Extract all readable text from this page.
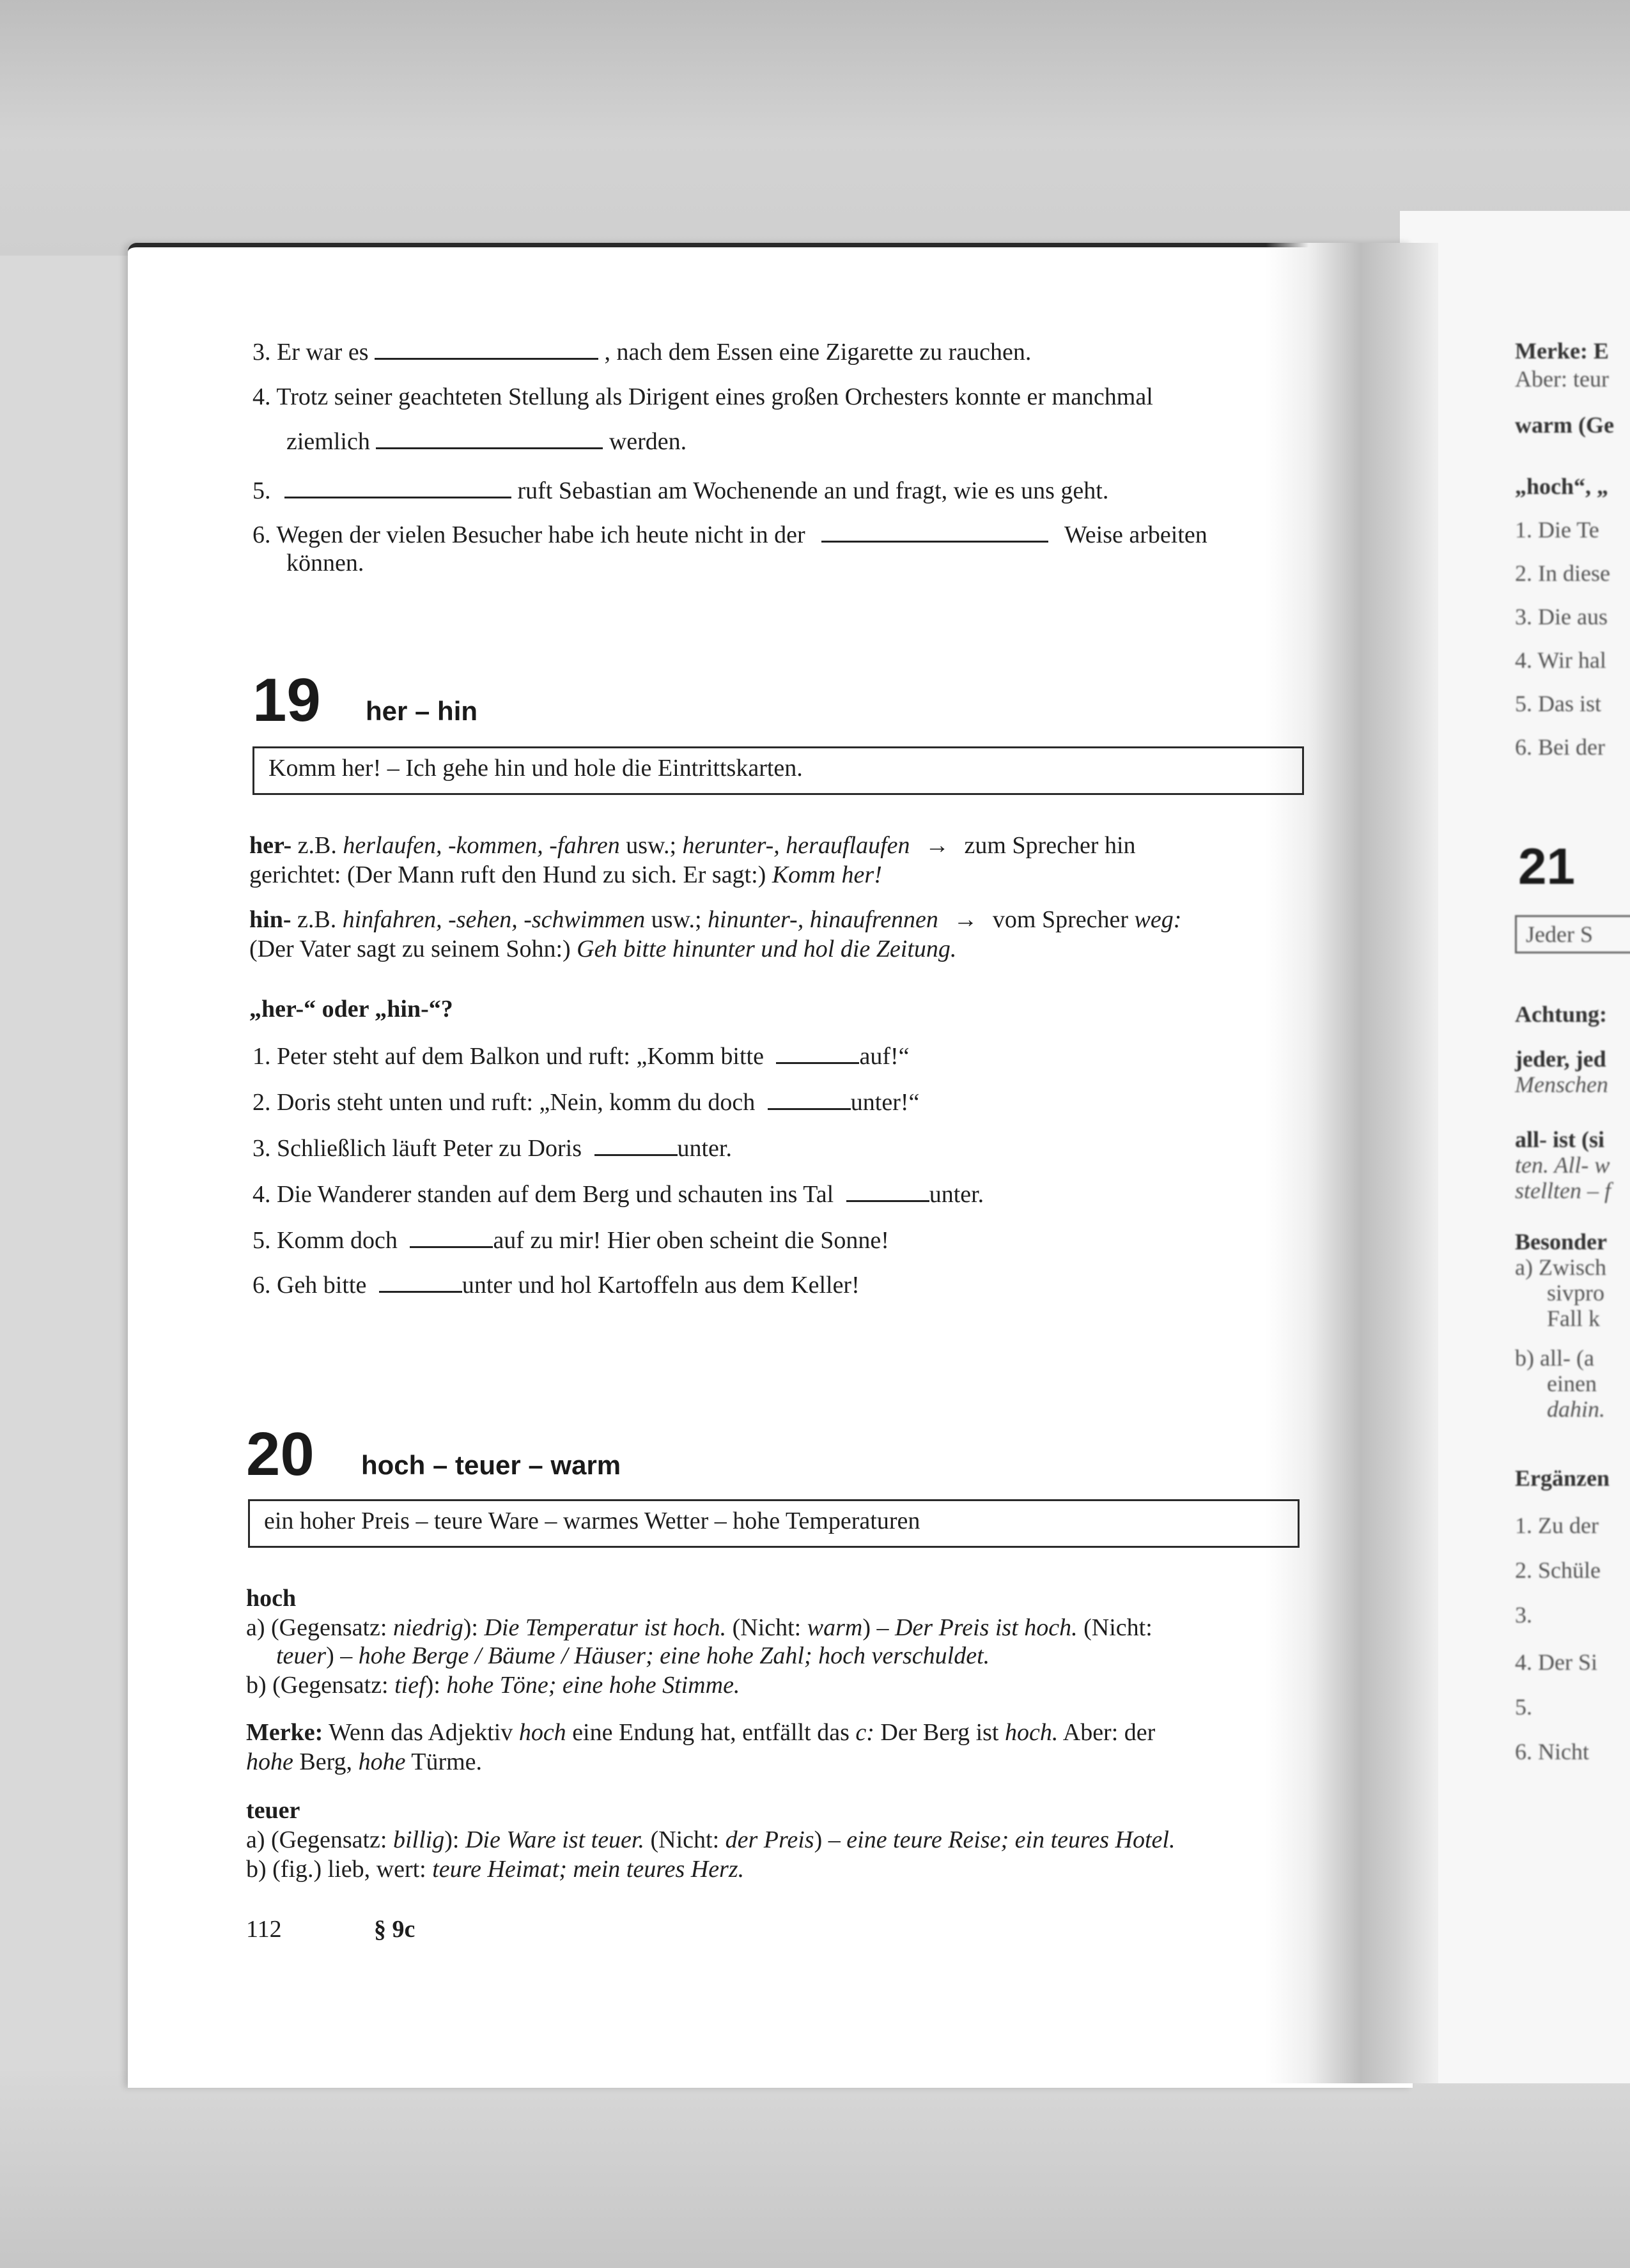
3. Er war es	, nach dem Essen eine Zigarette zu rauchen.
4. Trotz seiner geachteten Stellung als Dirigent eines großen Orchesters konnte er manchmal
ziemlich	werden.
5.	ruft Sebastian am Wochenende an und fragt, wie es uns geht.
6. Wegen der vielen Besucher habe ich heute nicht in der	Weise arbeiten
können.
19 her – hin
Komm her! – Ich gehe hin und hole die Eintrittskarten.
her- z.B. herlaufen, -kommen, -fahren usw.; herunter-, herauflaufen → zum Sprecher hin
gerichtet: (Der Mann ruft den Hund zu sich. Er sagt:) Komm her!
hin- z.B. hinfahren, -sehen, -schwimmen usw.; hinunter-, hinaufrennen → vom Sprecher weg:
(Der Vater sagt zu seinem Sohn:) Geh bitte hinunter und hol die Zeitung.
„her-“ oder „hin-“?
1. Peter steht auf dem Balkon und ruft: „Komm bitte	auf!“
2. Doris steht unten und ruft: „Nein, komm du doch	unter!“
3. Schließlich läuft Peter zu Doris	unter.
4. Die Wanderer standen auf dem Berg und schauten ins Tal	unter.
5. Komm doch	auf zu mir! Hier oben scheint die Sonne!
6. Geh bitte	unter und hol Kartoffeln aus dem Keller!
20 hoch – teuer – warm
ein hoher Preis – teure Ware – warmes Wetter – hohe Temperaturen
hoch
a) (Gegensatz: niedrig): Die Temperatur ist hoch. (Nicht: warm) – Der Preis ist hoch. (Nicht:
teuer) – hohe Berge / Bäume / Häuser; eine hohe Zahl; hoch verschuldet.
b) (Gegensatz: tief): hohe Töne; eine hohe Stimme.
Merke: Wenn das Adjektiv hoch eine Endung hat, entfällt das c: Der Berg ist hoch. Aber: der
hohe Berg, hohe Türme.
teuer
a) (Gegensatz: billig): Die Ware ist teuer. (Nicht: der Preis) – eine teure Reise; ein teures Hotel.
b) (fig.) lieb, wert: teure Heimat; mein teures Herz.
112	§ 9c
Merke: E
Aber: teur
warm (Ge
„hoch“, „
1. Die Te
2. In diese
3. Die aus
4. Wir hal
5. Das ist
6. Bei der
21
Jeder S
Achtung:
jeder, jed
Menschen
all- ist (si
ten. All- w
stellten – f
Besonder
a) Zwisch
sivpro
Fall k
b) all- (a
einen
dahin.
Ergänzen
1. Zu der
2. Schüle
3.
4. Der Si
5.
6. Nicht
